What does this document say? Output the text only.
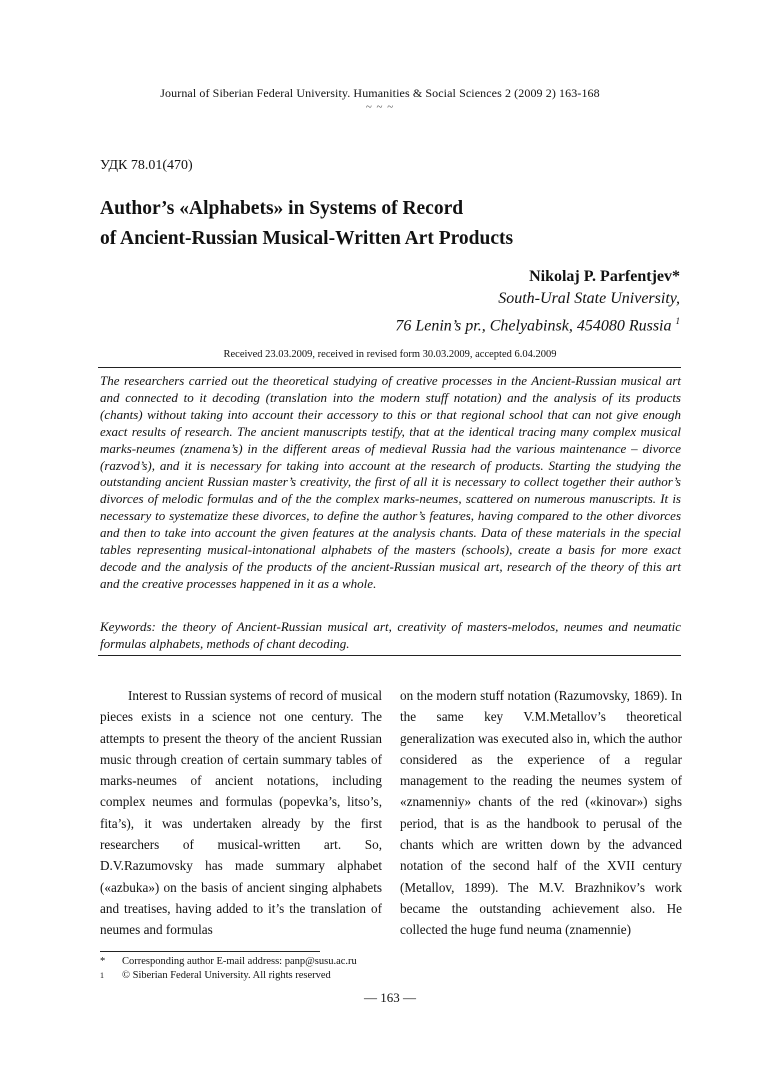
Journal of Siberian Federal University. Humanities & Social Sciences 2 (2009 2) 163-168
~ ~ ~
УДК 78.01(470)
Author’s «Alphabets» in Systems of Record
of Ancient-Russian Musical-Written Art Products
Nikolaj P. Parfentjev*
South-Ural State University,
76 Lenin’s pr., Chelyabinsk, 454080 Russia $^1$
Received 23.03.2009, received in revised form 30.03.2009, accepted 6.04.2009

The researchers carried out the theoretical studying of creative processes in the Ancient-Russian musical art and connected to it decoding (translation into the modern stuff notation) and the analysis of its products (chants) without taking into account their accessory to this or that regional school that can not give enough exact results of research. The ancient manuscripts testify, that at the identical tracing many complex musical marks-neumes (znamena’s) in the different areas of medieval Russia had the various maintenance – divorce (razvod’s), and it is necessary for taking into account at the research of products. Starting the studying the outstanding ancient Russian master’s creativity, the first of all it is necessary to collect together their author’s divorces of melodic formulas and of the the complex marks-neumes, scattered on numerous manuscripts. It is necessary to systematize these divorces, to define the author’s features, having compared to the other divorces and then to take into account the given features at the analysis chants. Data of these materials in the special tables representing musical-intonational alphabets of the masters (schools), create a basis for more exact decode and the analysis of the products of the ancient-Russian musical art, research of the theory of this art and the creative processes happened in it as a whole.

Keywords: the theory of Ancient-Russian musical art, creativity of masters-melodos, neumes and neumatic formulas alphabets, methods of chant decoding.

Interest to Russian systems of record of musical pieces exists in a science not one century. The attempts to present the theory of the ancient Russian music through creation of certain summary tables of marks-neumes of ancient notations, including complex neumes and formulas (popevka’s, litso’s, fita’s), it was undertaken already by the first researchers of musical-written art. So, D.V.Razumovsky has made summary alphabet («azbuka») on the basis of ancient singing alphabets and treatises, having added to it’s the translation of neumes and formulas

on the modern stuff notation (Razumovsky, 1869). In the same key V.M.Metallov’s theoretical generalization was executed also in, which the author considered as the experience of a regular management to the reading the neumes system of «znamenniy» chants of the red («kinovar») sighs period, that is as the handbook to perusal of the chants which are written down by the advanced notation of the second half of the XVII century (Metallov, 1899). The M.V. Brazhnikov’s work became the outstanding achievement also. He collected the huge fund neuma (znamennie)

* Corresponding author E-mail address: panp@susu.ac.ru
1 © Siberian Federal University. All rights reserved
— 163 —
